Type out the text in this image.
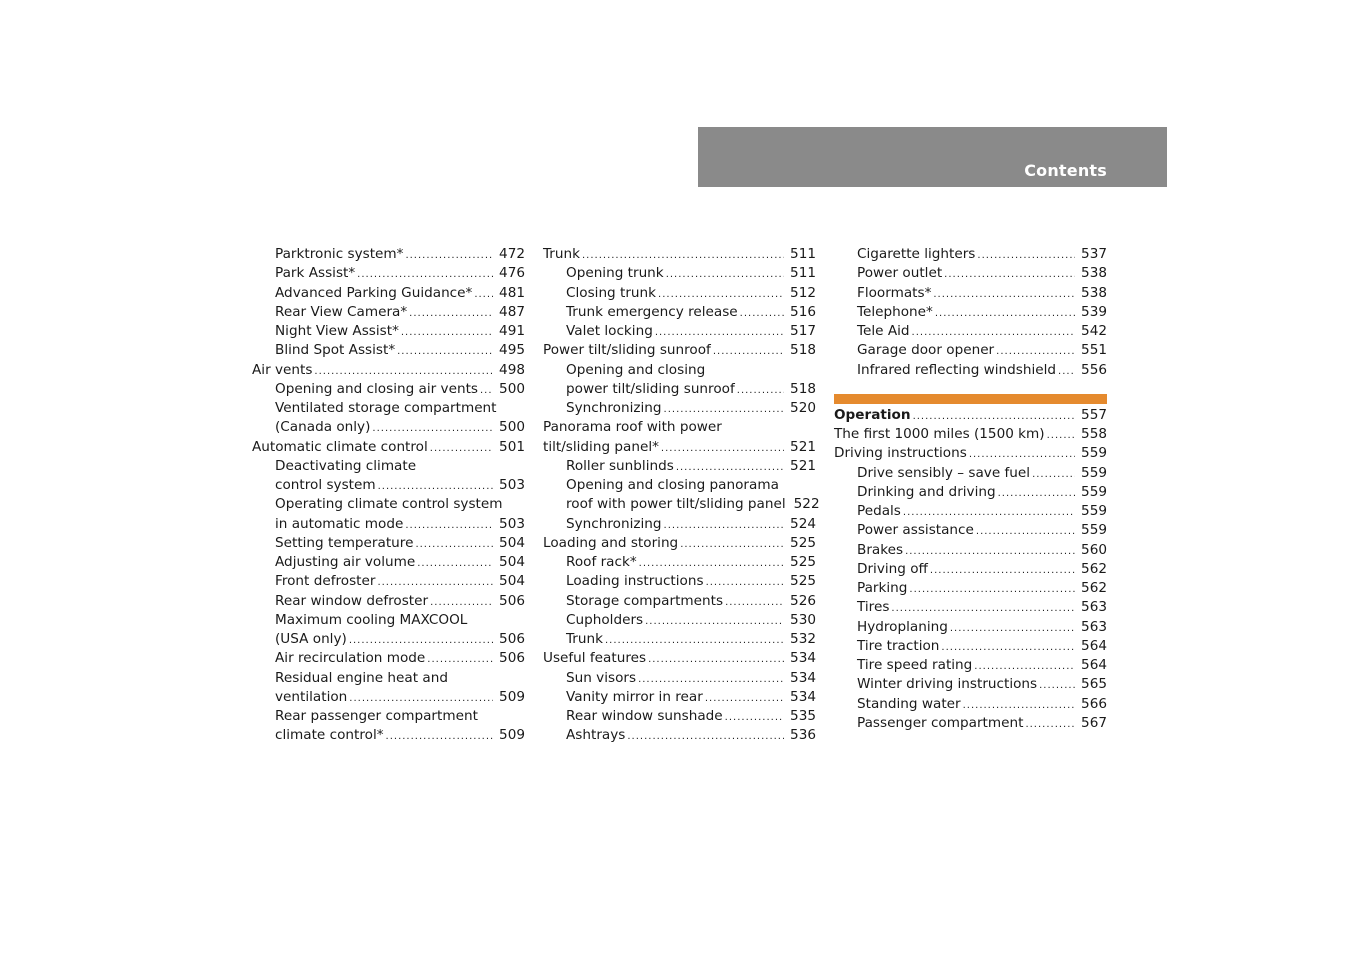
Contents
Parktronic system* .....	472
Park Assist* .....	476
Advanced Parking Guidance* ..... 481
Rear View Camera* .....	487
Night View Assist* .....	491
Blind Spot Assist* .....	495
Air vents .....	498
Opening and closing air vents ..... 500
Ventilated storage compartment
(Canada only) .....	500
Automatic climate control .....	501
Deactivating climate
control system .....	503
Operating climate control system
in automatic mode .....	503
Setting temperature .....	504
Adjusting air volume .....	504
Front defroster .....	504
Rear window defroster .....	506
Maximum cooling MAXCOOL
(USA only) .....	506
Air recirculation mode .....	506
Residual engine heat and
ventilation .....	509
Rear passenger compartment
climate control* .....	509
Trunk .....	511
Opening trunk .....	511
Closing trunk .....	512
Trunk emergency release .....	516
Valet locking .....	517
Power tilt/sliding sunroof .....	518
Opening and closing
power tilt/sliding sunroof .....	518
Synchronizing .....	520
Panorama roof with power
tilt/sliding panel* .....	521
Roller sunblinds .....	521
Opening and closing panorama
roof with power tilt/sliding panel 522
Synchronizing .....	524
Loading and storing .....	525
Roof rack* .....	525
Loading instructions .....	525
Storage compartments .....	526
Cupholders .....	530
Trunk .....	532
Useful features .....	534
Sun visors .....	534
Vanity mirror in rear .....	534
Rear window sunshade .....	535
Ashtrays .....	536
Cigarette lighters .....	537
Power outlet .....	538
Floormats* .....	538
Telephone* .....	539
Tele Aid .....	542
Garage door opener .....	551
Infrared reflecting windshield ..... 556
Operation .....	557
The first 1000 miles (1500 km) .....	558
Driving instructions .....	559
Drive sensibly – save fuel .....	559
Drinking and driving .....	559
Pedals .....	559
Power assistance .....	559
Brakes .....	560
Driving off .....	562
Parking .....	562
Tires .....	563
Hydroplaning .....	563
Tire traction .....	564
Tire speed rating .....	564
Winter driving instructions .....	565
Standing water .....	566
Passenger compartment .....	567
